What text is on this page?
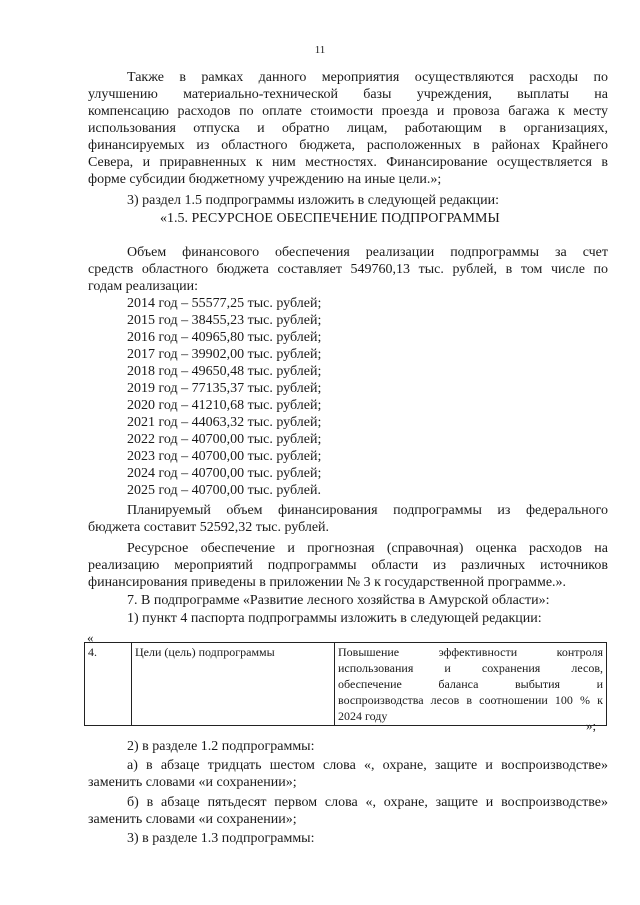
11
Также в рамках данного мероприятия осуществляются расходы по
улучшению материально-технической базы учреждения, выплаты на
компенсацию расходов по оплате стоимости проезда и провоза багажа к месту
использования отпуска и обратно лицам, работающим в организациях,
финансируемых из областного бюджета, расположенных в районах Крайнего
Севера, и приравненных к ним местностях. Финансирование осуществляется в
форме субсидии бюджетному учреждению на иные цели.»;
3) раздел 1.5 подпрограммы изложить в следующей редакции:
«1.5. РЕСУРСНОЕ ОБЕСПЕЧЕНИЕ ПОДПРОГРАММЫ
Объем финансового обеспечения реализации подпрограммы за счет
средств областного бюджета составляет 549760,13 тыс. рублей, в том числе по
годам реализации:
2014 год – 55577,25 тыс. рублей;
2015 год – 38455,23 тыс. рублей;
2016 год – 40965,80 тыс. рублей;
2017 год – 39902,00 тыс. рублей;
2018 год – 49650,48 тыс. рублей;
2019 год – 77135,37 тыс. рублей;
2020 год – 41210,68 тыс. рублей;
2021 год – 44063,32 тыс. рублей;
2022 год – 40700,00 тыс. рублей;
2023 год – 40700,00 тыс. рублей;
2024 год – 40700,00 тыс. рублей;
2025 год – 40700,00 тыс. рублей.
Планируемый объем финансирования подпрограммы из федерального
бюджета составит 52592,32 тыс. рублей.
Ресурсное обеспечение и прогнозная (справочная) оценка расходов на
реализацию мероприятий подпрограммы области из различных источников
финансирования приведены в приложении № 3 к государственной программе.».
7. В подпрограмме «Развитие лесного хозяйства в Амурской области»:
1) пункт 4 паспорта подпрограммы изложить в следующей редакции:
«
4.	Цели (цель) подпрограммы	Повышение эффективности контроля
использования и сохранения лесов,
обеспечение баланса выбытия и
воспроизводства лесов в соотношении 100 % к
2024 году
»;
2) в разделе 1.2 подпрограммы:
а) в абзаце тридцать шестом слова «, охране, защите и воспроизводстве»
заменить словами «и сохранении»;
б) в абзаце пятьдесят первом слова «, охране, защите и воспроизводстве»
заменить словами «и сохранении»;
3) в разделе 1.3 подпрограммы:
